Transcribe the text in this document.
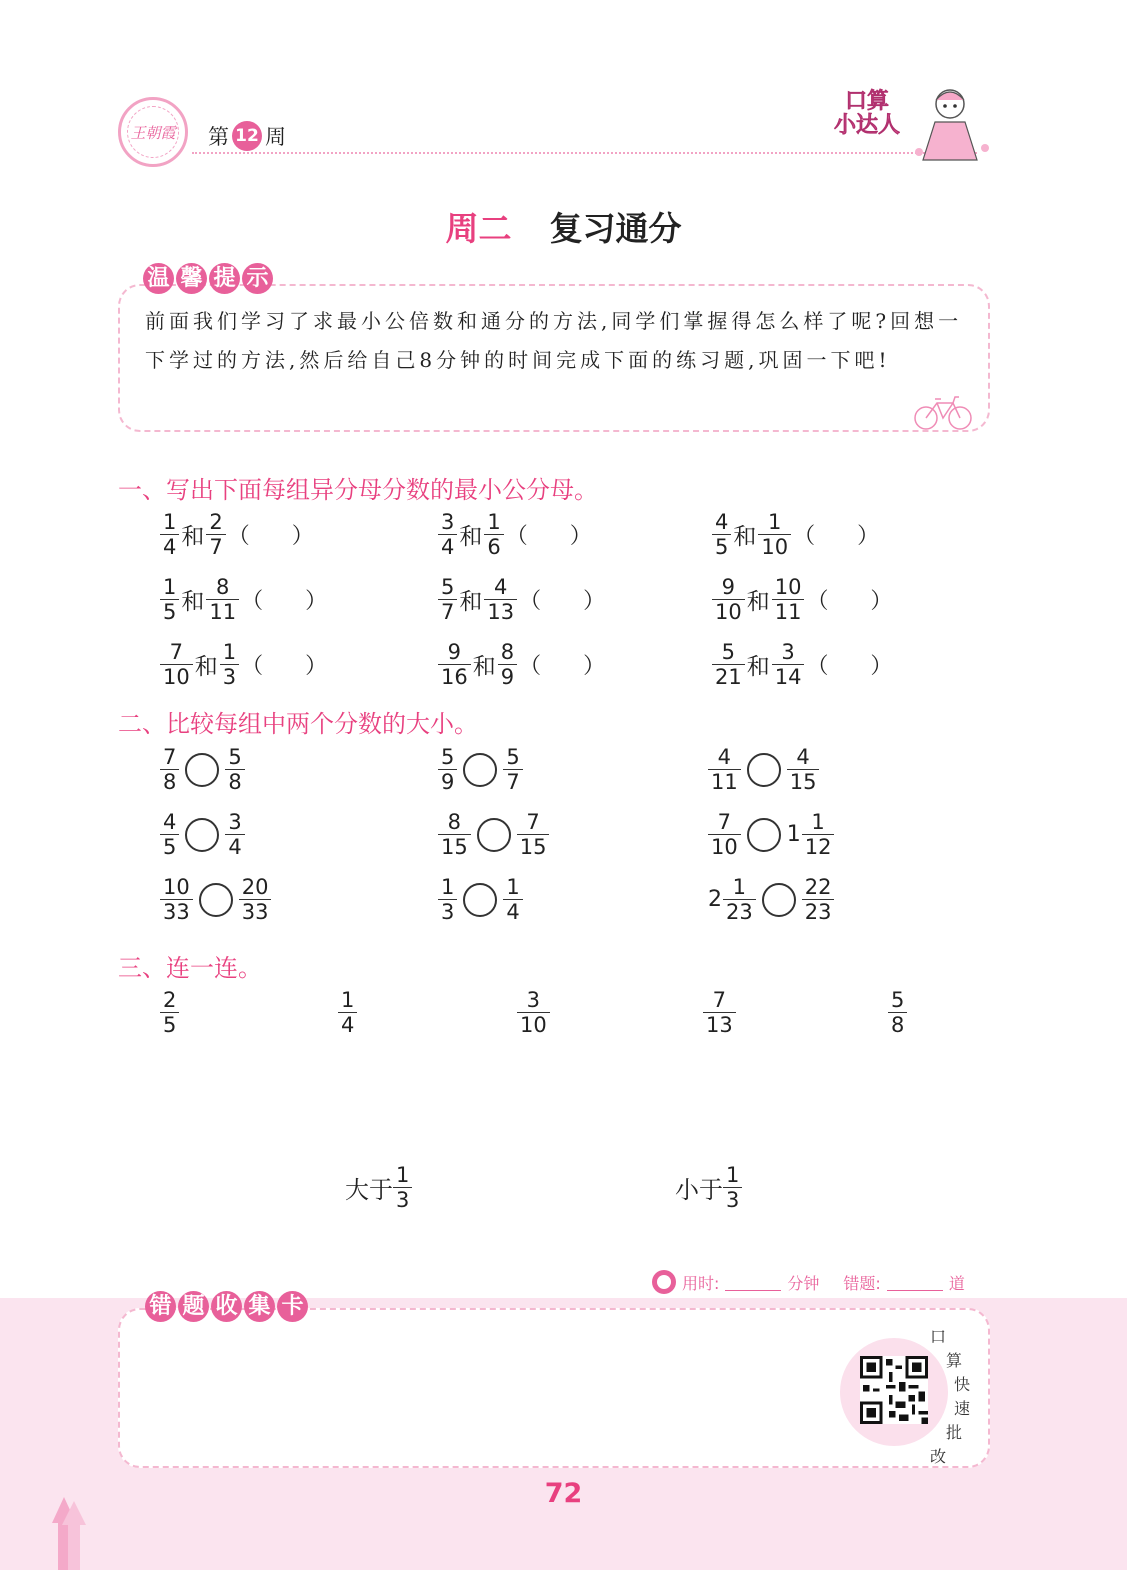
王朝霞	第 12 周
口算
小达人
周二 复习通分
温 馨 提 示
前面我们学习了求最小公倍数和通分的方法,同学们掌握得怎么样了呢?回想一下学过的方法,然后给自己8分钟的时间完成下面的练习题,巩固一下吧!
一、写出下面每组异分母分数的最小公分母。
$\frac{1}{4}$ 和 $\frac{2}{7}$ （      ）	$\frac{3}{4}$ 和 $\frac{1}{6}$ （      ）	$\frac{4}{5}$ 和 $\frac{1}{10}$ （      ）
$\frac{1}{5}$ 和 $\frac{8}{11}$ （      ）	$\frac{5}{7}$ 和 $\frac{4}{13}$ （      ）	$\frac{9}{10}$ 和 $\frac{10}{11}$ （      ）
$\frac{7}{10}$ 和 $\frac{1}{3}$ （      ）	$\frac{9}{16}$ 和 $\frac{8}{9}$ （      ）	$\frac{5}{21}$ 和 $\frac{3}{14}$ （      ）
二、比较每组中两个分数的大小。
$\frac{7}{8} \frac{5}{8}$	$\frac{5}{9} \frac{5}{7}$	$\frac{4}{11} \frac{4}{15}$
$\frac{4}{5} \frac{3}{4}$	$\frac{8}{15} \frac{7}{15}$	$\frac{7}{10} 1 \frac{1}{12}$
$\frac{10}{33} \frac{20}{33}$	$\frac{1}{3} \frac{1}{4}$	$2 \frac{1}{23} \frac{22}{23}$
三、连一连。
$\frac{2}{5}$	$\frac{1}{4}$	$\frac{3}{10}$	$\frac{7}{13}$	$\frac{5}{8}$
大于 $\frac{1}{3}$	小于 $\frac{1}{3}$
用时:	分钟 错题:	道
错 题 收 集 卡
口
算
快
速
批
改
72
